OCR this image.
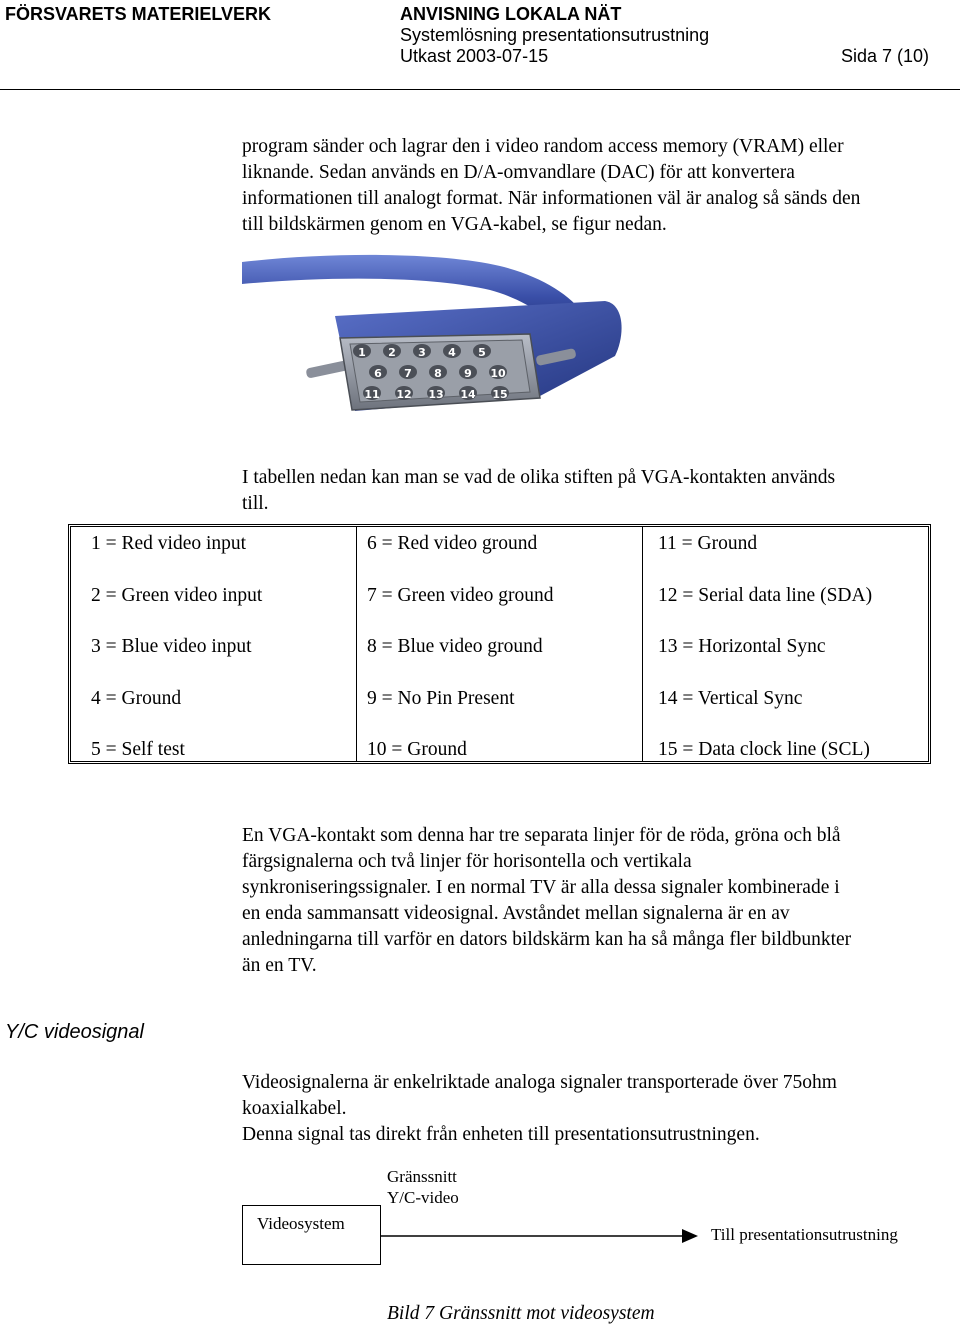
FÖRSVARETS MATERIELVERK	ANVISNING LOKALA NÄT
Systemlösning presentationsutrustning
Utkast 2003-07-15	Sida 7 (10)
program sänder och lagrar den i video random access memory (VRAM) eller
liknande. Sedan används en D/A-omvandlare (DAC) för att konvertera
informationen till analogt format. När informationen väl är analog så sänds den
till bildskärmen genom en VGA-kabel, se figur nedan.
1 2 3 4 5
6 7 8 9 10
11 12 13 14 15
I tabellen nedan kan man se vad de olika stiften på VGA-kontakten används
till.
1 = Red video input
2 = Green video input
3 = Blue video input
4 = Ground
5 = Self test
6 = Red video ground
7 = Green video ground
8 = Blue video ground
9 = No Pin Present
10 = Ground
11 = Ground
12 = Serial data line (SDA)
13 = Horizontal Sync
14 = Vertical Sync
15 = Data clock line (SCL)
En VGA-kontakt som denna har tre separata linjer för de röda, gröna och blå
färgsignalerna och två linjer för horisontella och vertikala
synkroniseringssignaler. I en normal TV är alla dessa signaler kombinerade i
en enda sammansatt videosignal. Avståndet mellan signalerna är en av
anledningarna till varför en dators bildskärm kan ha så många fler bildbunkter
än en TV.
Y/C videosignal
Videosignalerna är enkelriktade analoga signaler transporterade över 75ohm
koaxialkabel.
Denna signal tas direkt från enheten till presentationsutrustningen.
Gränssnitt
Y/C-video
Videosystem
Till presentationsutrustning
Bild 7 Gränssnitt mot videosystem
